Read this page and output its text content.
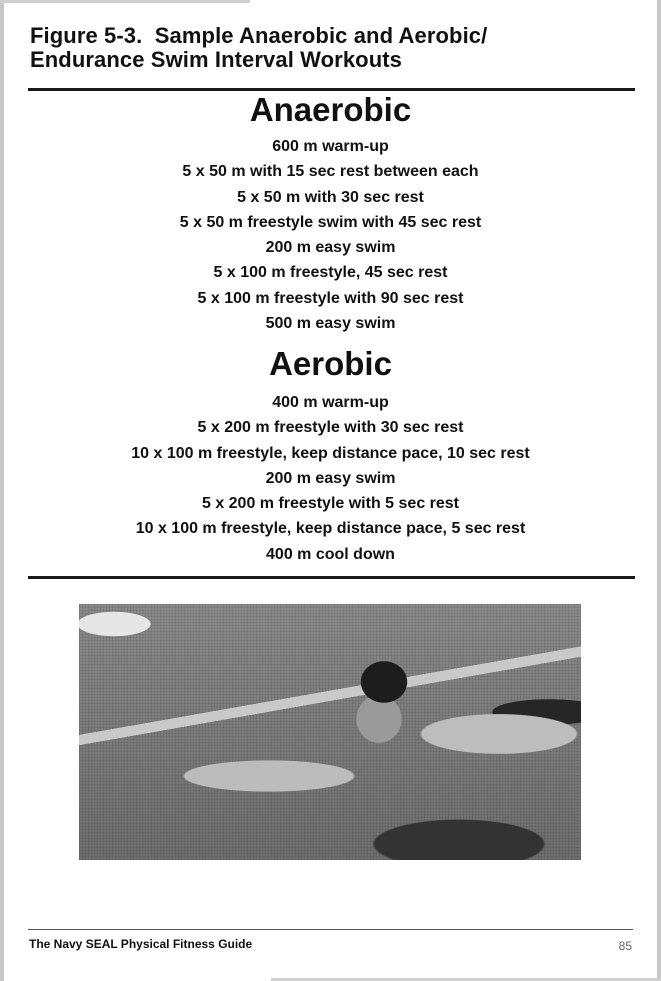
Figure 5-3.  Sample Anaerobic and Aerobic/
Endurance Swim Interval Workouts
Anaerobic
600 m warm-up
5 x 50 m with 15 sec rest between each
5 x 50 m with 30 sec rest
5 x 50 m freestyle swim with 45 sec rest
200 m easy swim
5 x 100 m freestyle, 45 sec rest
5 x 100 m freestyle with 90 sec rest
500 m easy swim
Aerobic
400 m warm-up
5 x 200 m freestyle with 30 sec rest
10 x 100 m freestyle, keep distance pace, 10 sec rest
200 m easy swim
5 x 200 m freestyle with 5 sec rest
10 x 100 m freestyle, keep distance pace, 5 sec rest
400 m cool down
The Navy SEAL Physical Fitness Guide	85
